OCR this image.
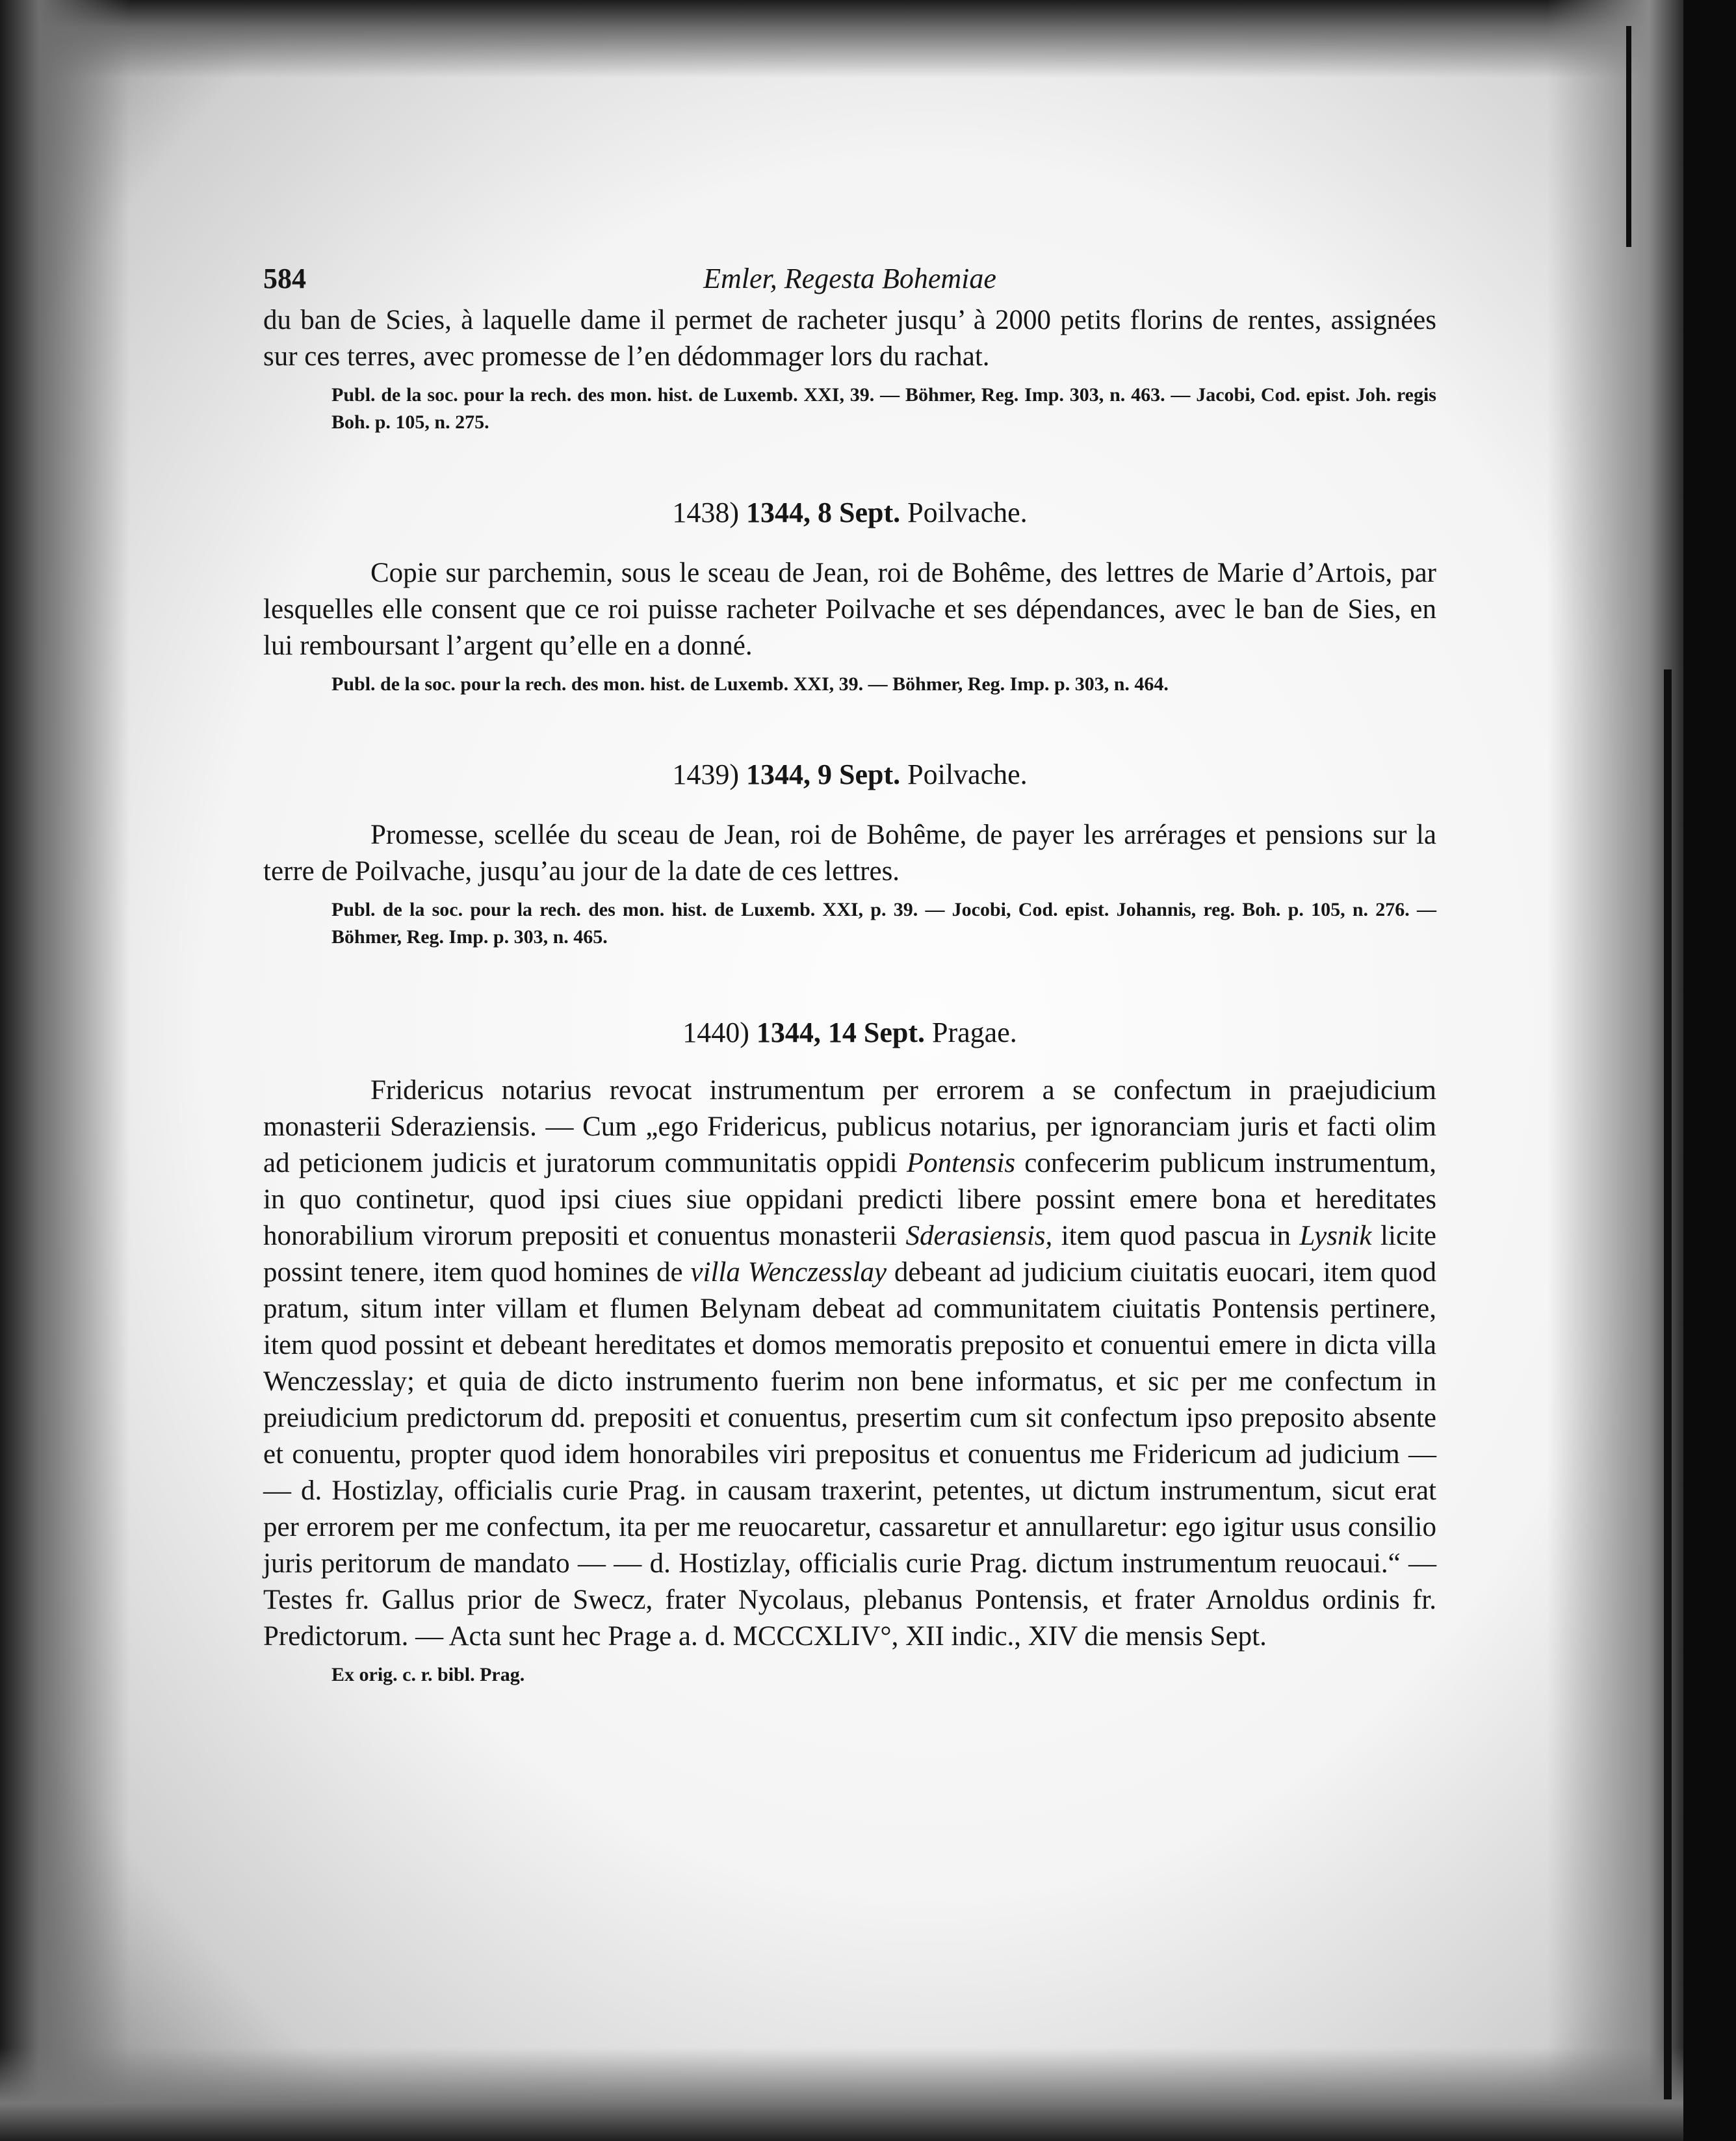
584	Emler, Regesta Bohemiae

du ban de Scies, à laquelle dame il permet de racheter jusqu’ à 2000 petits florins de rentes, assignées sur ces terres, avec promesse de l’en dédommager lors du rachat.

Publ. de la soc. pour la rech. des mon. hist. de Luxemb. XXI, 39. — Böhmer, Reg. Imp. 303, n. 463. — Jacobi, Cod. epist. Joh. regis Boh. p. 105, n. 275.

1438) 1344, 8 Sept. Poilvache.

Copie sur parchemin, sous le sceau de Jean, roi de Bohême, des lettres de Marie d’Artois, par lesquelles elle consent que ce roi puisse racheter Poilvache et ses dépendances, avec le ban de Sies, en lui remboursant l’argent qu’elle en a donné.

Publ. de la soc. pour la rech. des mon. hist. de Luxemb. XXI, 39. — Böhmer, Reg. Imp. p. 303, n. 464.

1439) 1344, 9 Sept. Poilvache.

Promesse, scellée du sceau de Jean, roi de Bohême, de payer les arrérages et pensions sur la terre de Poilvache, jusqu’au jour de la date de ces lettres.

Publ. de la soc. pour la rech. des mon. hist. de Luxemb. XXI, p. 39. — Jocobi, Cod. epist. Johannis, reg. Boh. p. 105, n. 276. — Böhmer, Reg. Imp. p. 303, n. 465.

1440) 1344, 14 Sept. Pragae.

Fridericus notarius revocat instrumentum per errorem a se confectum in praejudicium monasterii Sderaziensis. — Cum „ego Fridericus, publicus notarius, per ignoranciam juris et facti olim ad peticionem judicis et juratorum communitatis oppidi Pontensis confecerim publicum instrumentum, in quo continetur, quod ipsi ciues siue oppidani predicti libere possint emere bona et hereditates honorabilium virorum prepositi et conuentus monasterii Sderasiensis, item quod pascua in Lysnik licite possint tenere, item quod homines de villa Wenczesslay debeant ad judicium ciuitatis euocari, item quod pratum, situm inter villam et flumen Belynam debeat ad communitatem ciuitatis Pontensis pertinere, item quod possint et debeant hereditates et domos memoratis preposito et conuentui emere in dicta villa Wenczesslay; et quia de dicto instrumento fuerim non bene informatus, et sic per me confectum in preiudicium predictorum dd. prepositi et conuentus, presertim cum sit confectum ipso preposito absente et conuentu, propter quod idem honorabiles viri prepositus et conuentus me Fridericum ad judicium — — d. Hostizlay, officialis curie Prag. in causam traxerint, petentes, ut dictum instrumentum, sicut erat per errorem per me confectum, ita per me reuocaretur, cassaretur et annullaretur: ego igitur usus consilio juris peritorum de mandato — — d. Hostizlay, officialis curie Prag. dictum instrumentum reuocaui.“ — Testes fr. Gallus prior de Swecz, frater Nycolaus, plebanus Pontensis, et frater Arnoldus ordinis fr. Predictorum. — Acta sunt hec Prage a. d. MCCCXLIV°, XII indic., XIV die mensis Sept.

Ex orig. c. r. bibl. Prag.
